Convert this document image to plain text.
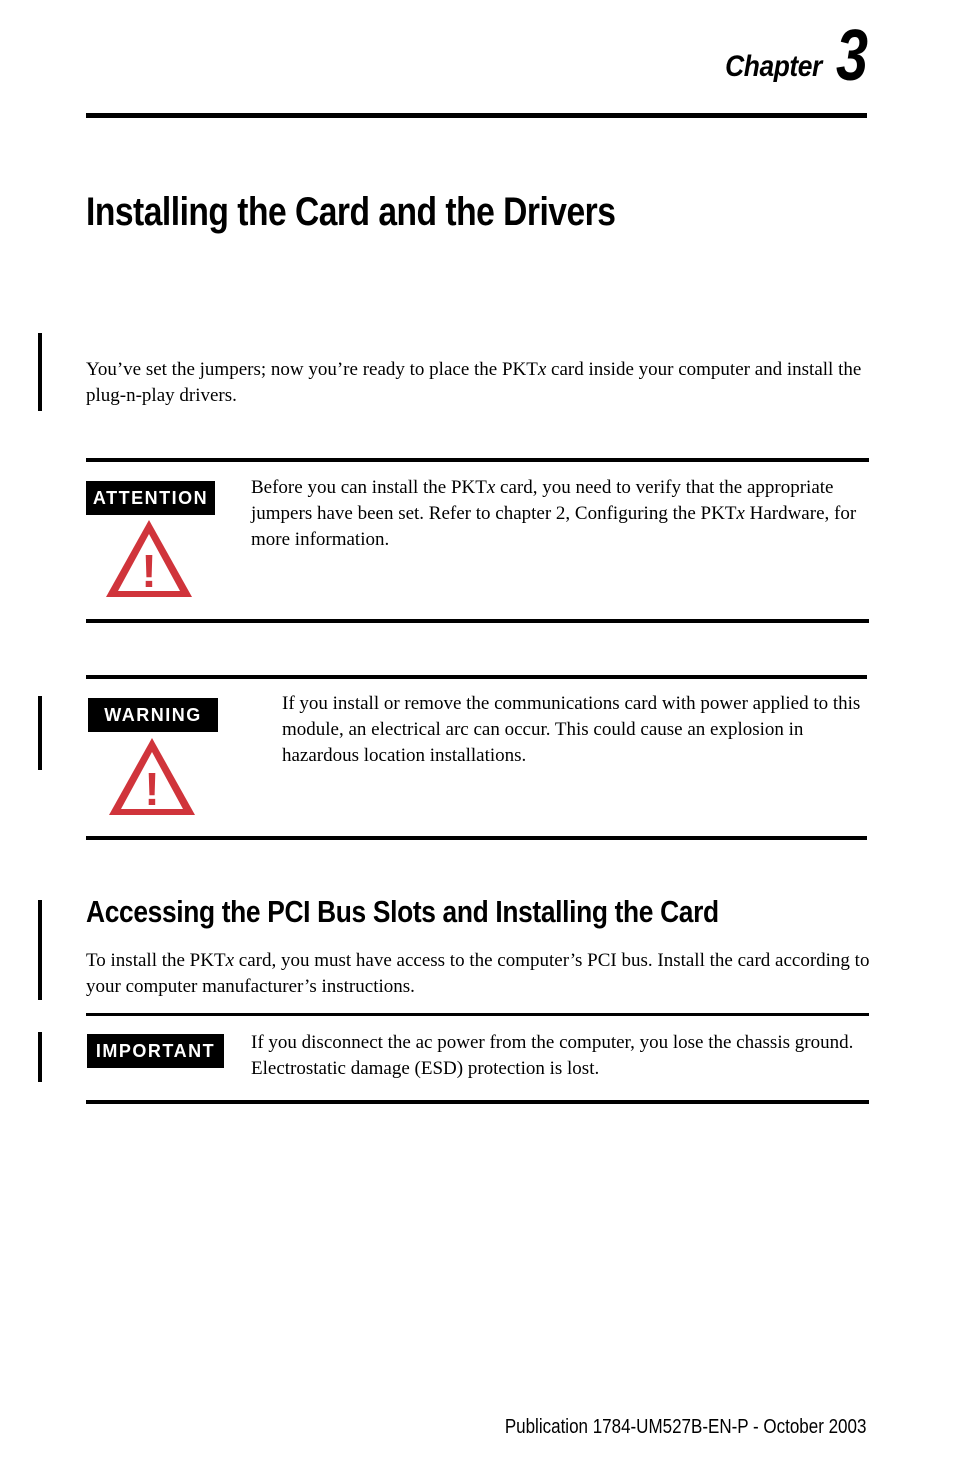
Chapter 3
Installing the Card and the Drivers

You’ve set the jumpers; now you’re ready to place the PKTx card inside your computer and install the plug-n-play drivers.

ATTENTION
!

Before you can install the PKTx card, you need to verify that the appropriate jumpers have been set. Refer to chapter 2, Configuring the PKTx Hardware, for more information.

WARNING
!

If you install or remove the communications card with power applied to this module, an electrical arc can occur. This could cause an explosion in hazardous location installations.

Accessing the PCI Bus Slots and Installing the Card

To install the PKTx card, you must have access to the computer’s PCI bus. Install the card according to your computer manufacturer’s instructions.

IMPORTANT	If you disconnect the ac power from the computer, you lose the chassis ground. Electrostatic damage (ESD) protection is lost.

Publication 1784-UM527B-EN-P - October 2003
